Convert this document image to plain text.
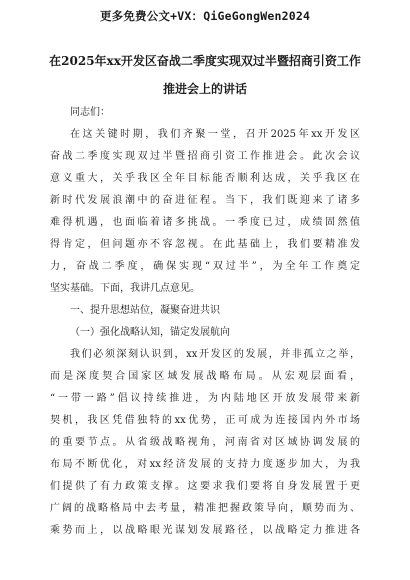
更多免费公文+VX：QiGeGongWen2024
在2025年xx开发区奋战二季度实现双过半暨招商引资工作
推进会上的讲话
同志们：
在这关键时期，我们齐聚一堂，召开2025年xx开发区
奋战二季度实现双过半暨招商引资工作推进会。此次会议
意义重大，关乎我区全年目标能否顺利达成，关乎我区在
新时代发展浪潮中的奋进征程。当下，我们既迎来了诸多
难得机遇，也面临着诸多挑战。一季度已过，成绩固然值
得肯定，但问题亦不容忽视。在此基础上，我们要精准发
力，奋战二季度，确保实现“双过半”，为全年工作奠定
坚实基础。下面，我讲几点意见。
一、提升思想站位，凝聚奋进共识
（一）强化战略认知，锚定发展航向
我们必须深刻认识到，xx开发区的发展，并非孤立之举，
而是深度契合国家区域发展战略布局。从宏观层面看，
“一带一路”倡议持续推进，为内陆地区开放发展带来新
契机，我区凭借独特的xx优势，正可成为连接国内外市场
的重要节点。从省级战略视角，河南省对区域协调发展的
布局不断优化，对xx经济发展的支持力度逐步加大，为我
们提供了有力政策支撑。这要求我们要将自身发展置于更
广阔的战略格局中去考量，精准把握政策导向，顺势而为、
乘势而上，以战略眼光谋划发展路径，以战略定力推进各
